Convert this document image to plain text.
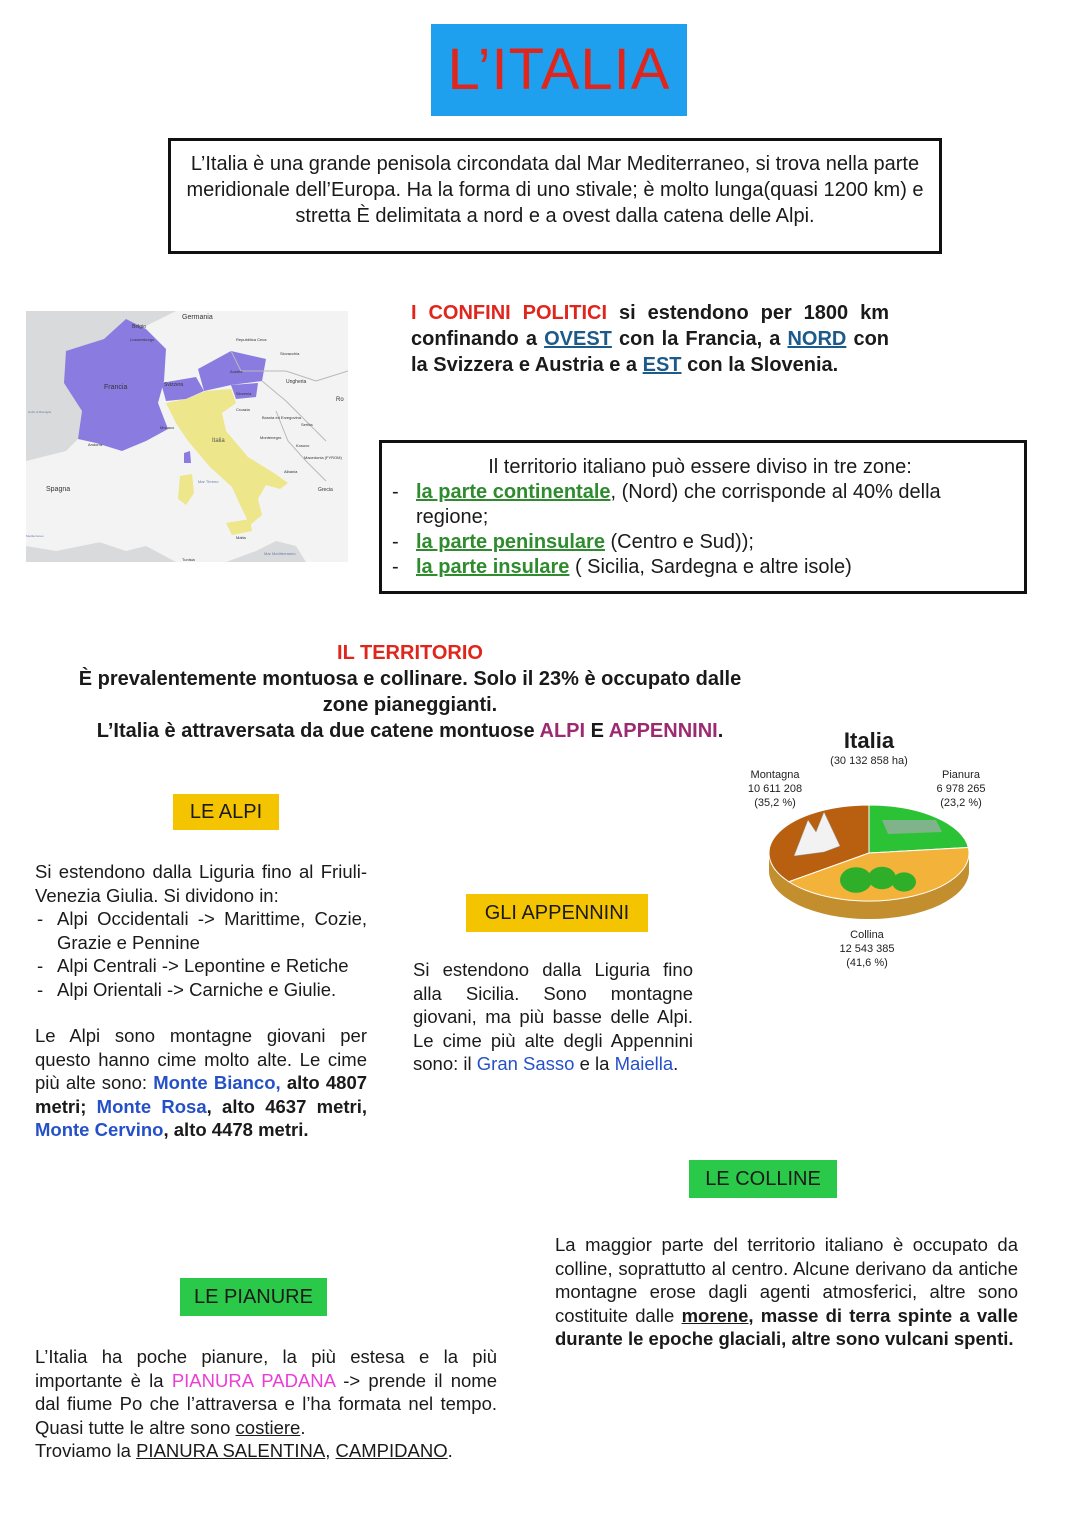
L’ITALIA
L’Italia è una grande penisola circondata dal Mar Mediterraneo, si trova nella parte meridionale dell’Europa. Ha la forma di uno stivale; è molto lunga(quasi 1200 km) e stretta È delimitata a nord e a ovest dalla catena delle Alpi.
Germania
Belgio
Lussemburgo
Francia	Svizzera
Austria
Repubblica Ceca
Slovacchia
Ungheria
Slovenia
Croazia
Bosnia ed Erzegovina
Serbia
Montenegro
Kosovo
Macedonia (FYROM)
Albania
Grecia
Italia
Spagna
Andorra
Monaco
Mar Tirreno
Malta
Tunisia
Mar Mediterraneo
Ro
Golfo di Biscaglia
Mediterraneo
I CONFINI POLITICI si estendono per 1800 km confinando a OVEST con la Francia, a NORD con la Svizzera e Austria e a EST con la Slovenia.
Il territorio italiano può essere diviso in tre zone:
- la parte continentale, (Nord) che corrisponde al 40% della regione;
- la parte peninsulare (Centro e Sud));
- la parte insulare ( Sicilia, Sardegna e altre isole)
IL TERRITORIO
È prevalentemente montuosa e collinare. Solo il 23% è occupato dalle zone pianeggianti.
L’Italia è attraversata da due catene montuose ALPI E APPENNINI.	Italia
(30 132 858 ha)
Montagna
10 611 208
(35,2 %)
Pianura
6 978 265
(23,2 %)
Collina
12 543 385
(41,6 %)
LE ALPI
Si estendono dalla Liguria fino al Friuli- Venezia Giulia. Si dividono in:
- Alpi Occidentali -> Marittime, Cozie, Grazie e Pennine
- Alpi Centrali -> Lepontine e Retiche
- Alpi Orientali -> Carniche e Giulie.
Le Alpi sono montagne giovani per questo hanno cime molto alte. Le cime più alte sono: Monte Bianco, alto 4807 metri; Monte Rosa, alto 4637 metri, Monte Cervino, alto 4478 metri.
GLI APPENNINI
Si estendono dalla Liguria fino alla Sicilia. Sono montagne giovani, ma più basse delle Alpi. Le cime più alte degli Appennini sono: il Gran Sasso e la Maiella.
LE COLLINE
La maggior parte del territorio italiano è occupato da colline, soprattutto al centro. Alcune derivano da antiche montagne erose dagli agenti atmosferici, altre sono costituite dalle morene, masse di terra spinte a valle durante le epoche glaciali, altre sono vulcani spenti.
LE PIANURE
L’Italia ha poche pianure, la più estesa e la più importante è la PIANURA PADANA -> prende il nome dal fiume Po che l’attraversa e l’ha formata nel tempo. Quasi tutte le altre sono costiere.
Troviamo la PIANURA SALENTINA, CAMPIDANO.
